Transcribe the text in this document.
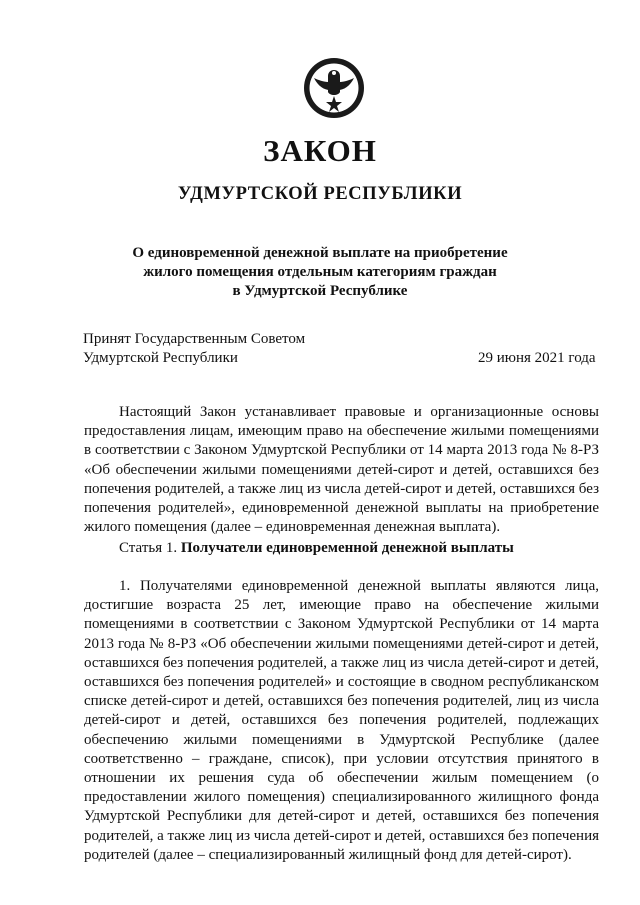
ЗАКОН
УДМУРТСКОЙ РЕСПУБЛИКИ
О единовременной денежной выплате на приобретение
жилого помещения отдельным категориям граждан
в Удмуртской Республике
Принят Государственным Советом
Удмуртской Республики	29 июня 2021 года

Настоящий Закон устанавливает правовые и организационные основы предоставления лицам, имеющим право на обеспечение жилыми помещениями в соответствии с Законом Удмуртской Республики от 14 марта 2013 года № 8-РЗ «Об обеспечении жилыми помещениями детей-сирот и детей, оставшихся без попечения родителей, а также лиц из числа детей-сирот и детей, оставшихся без попечения родителей», единовременной денежной выплаты на приобретение жилого помещения (далее – единовременная денежная выплата).

Статья 1. Получатели единовременной денежной выплаты

1. Получателями единовременной денежной выплаты являются лица, достигшие возраста 25 лет, имеющие право на обеспечение жилыми помещениями в соответствии с Законом Удмуртской Республики от 14 марта 2013 года № 8-РЗ «Об обеспечении жилыми помещениями детей-сирот и детей, оставшихся без попечения родителей, а также лиц из числа детей-сирот и детей, оставшихся без попечения родителей» и состоящие в сводном республиканском списке детей-сирот и детей, оставшихся без попечения родителей, лиц из числа детей-сирот и детей, оставшихся без попечения родителей, подлежащих обеспечению жилыми помещениями в Удмуртской Республике (далее соответственно – граждане, список), при условии отсутствия принятого в отношении их решения суда об обеспечении жилым помещением (о предоставлении жилого помещения) специализированного жилищного фонда Удмуртской Республики для детей-сирот и детей, оставшихся без попечения родителей, а также лиц из числа детей-сирот и детей, оставшихся без попечения родителей (далее – специализированный жилищный фонд для детей-сирот).
